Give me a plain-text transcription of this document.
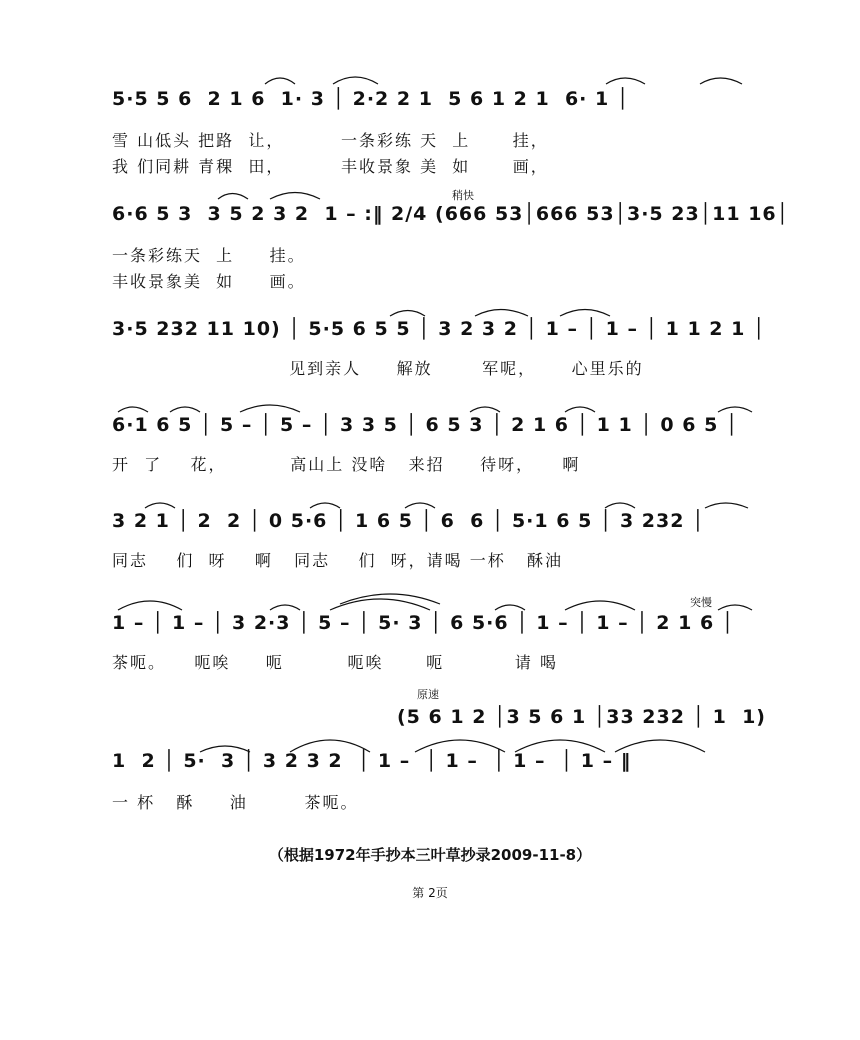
5·5 5 6  2 1 6  1· 3 │ 2·2 2 1  5 6 1 2 1  6· 1 │
雪 山低头 把路  让，        一条彩练 天  上      挂，
我 们同耕 青稞  田，        丰收景象 美  如      画，
稍快
6·6 5 3  3 5 2 3 2  1 – :‖ 2/4 (666 53│666 53│3·5 23│11 16│
一条彩练天  上     挂。
丰收景象美  如     画。
3·5 232 11 10) │ 5·5 6 5 5 │ 3 2 3 2 │ 1 – │ 1 – │ 1 1 2 1 │
见到亲人     解放       军呢，     心里乐的
6·1 6 5 │ 5 – │ 5 – │ 3 3 5 │ 6 5 3 │ 2 1 6 │ 1 1 │ 0 6 5 │
开  了    花，         高山上 没啥   来招     待呀，    啊
3 2 1 │ 2  2 │ 0 5·6 │ 1 6 5 │ 6  6 │ 5·1 6 5 │ 3 232 │
同志    们  呀    啊   同志    们  呀，请喝 一杯   酥油
突慢
1 – │ 1 – │ 3 2·3 │ 5 – │ 5· 3 │ 6 5·6 │ 1 – │ 1 – │ 2 1 6 │
茶呃。    呃唉     呃         呃唉      呃          请 喝
原速
(5 6 1 2 │3 5 6 1 │33 232 │ 1  1)
1  2 │ 5·  3 │ 3 2 3 2  │ 1 –  │ 1 –  │ 1 –  │ 1 – ‖
一 杯   酥     油        茶呃。
（根据1972年手抄本三叶草抄录2009-11-8）
第 2页
